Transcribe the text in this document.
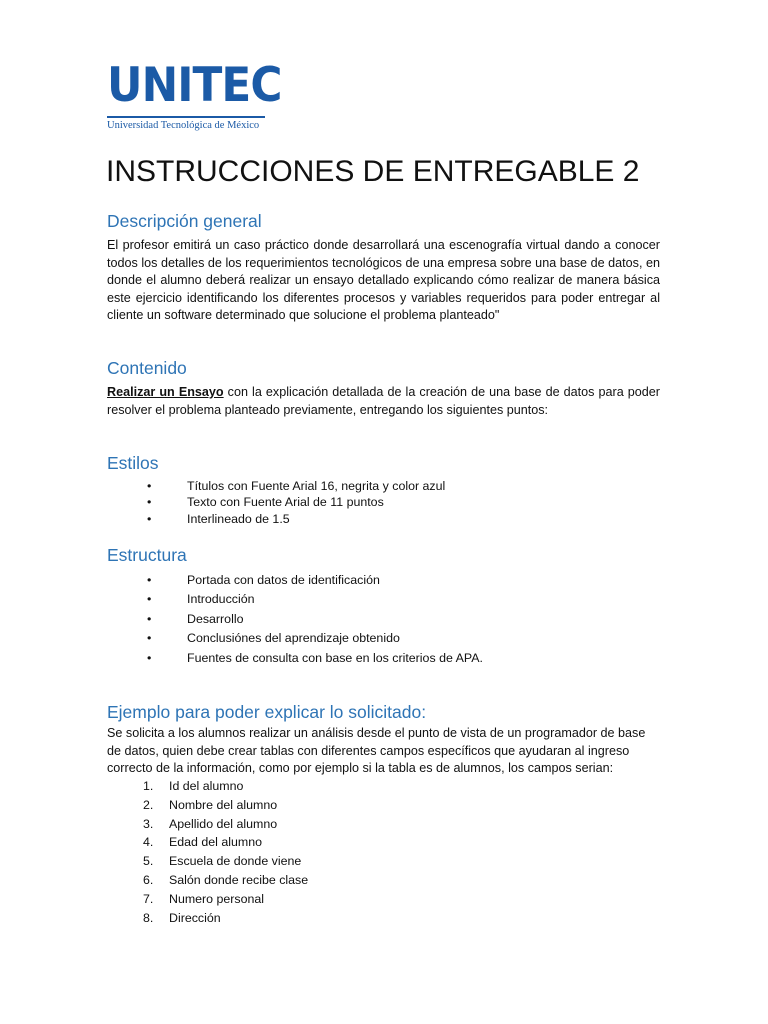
UNITEC
Universidad Tecnológica de México
INSTRUCCIONES DE ENTREGABLE 2
Descripción general

El profesor emitirá un caso práctico donde desarrollará una escenografía virtual dando a conocer todos los detalles de los requerimientos tecnológicos de una empresa sobre una base de datos, en donde el alumno deberá realizar un ensayo detallado explicando cómo realizar de manera básica este ejercicio identificando los diferentes procesos y variables requeridos para poder entregar al cliente un software determinado que solucione el problema planteado"

Contenido

Realizar un Ensayo con la explicación detallada de la creación de una base de datos para poder resolver el problema planteado previamente, entregando los siguientes puntos:

Estilos
•	Títulos con Fuente Arial 16, negrita y color azul
•	Texto con Fuente Arial de 11 puntos
•	Interlineado de 1.5
Estructura
•	Portada con datos de identificación
•	Introducción
•	Desarrollo
•	Conclusiónes del aprendizaje obtenido
•	Fuentes de consulta con base en los criterios de APA.
Ejemplo para poder explicar lo solicitado:

Se solicita a los alumnos realizar un análisis desde el punto de vista de un programador de base de datos, quien debe crear tablas con diferentes campos específicos que ayudaran al ingreso correcto de la información, como por ejemplo si la tabla es de alumnos, los campos serian:

1. Id del alumno
2. Nombre del alumno
3. Apellido del alumno
4. Edad del alumno
5. Escuela de donde viene
6. Salón donde recibe clase
7. Numero personal
8. Dirección
